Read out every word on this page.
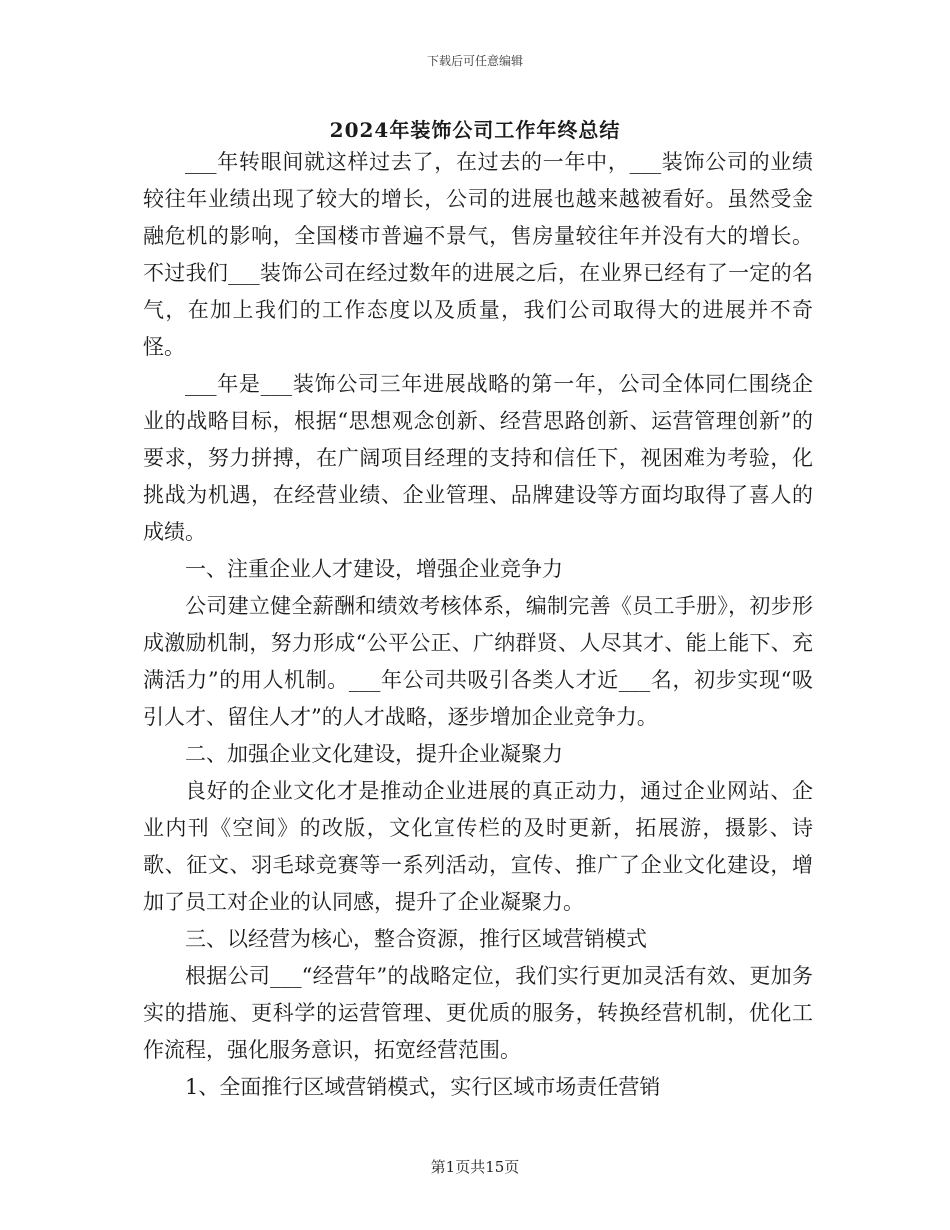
下载后可任意编辑
2024年装饰公司工作年终总结

___年转眼间就这样过去了，在过去的一年中，___装饰公司的业绩较往年业绩出现了较大的增长，公司的进展也越来越被看好。虽然受金融危机的影响，全国楼市普遍不景气，售房量较往年并没有大的增长。不过我们___装饰公司在经过数年的进展之后，在业界已经有了一定的名气，在加上我们的工作态度以及质量，我们公司取得大的进展并不奇怪。

___年是___装饰公司三年进展战略的第一年，公司全体同仁围绕企业的战略目标，根据“思想观念创新、经营思路创新、运营管理创新”的要求，努力拼搏，在广阔项目经理的支持和信任下，视困难为考验，化挑战为机遇，在经营业绩、企业管理、品牌建设等方面均取得了喜人的成绩。

一、注重企业人才建设，增强企业竞争力

公司建立健全薪酬和绩效考核体系，编制完善《员工手册》，初步形成激励机制，努力形成“公平公正、广纳群贤、人尽其才、能上能下、充满活力”的用人机制。___年公司共吸引各类人才近___名，初步实现“吸引人才、留住人才”的人才战略，逐步增加企业竞争力。

二、加强企业文化建设，提升企业凝聚力

良好的企业文化才是推动企业进展的真正动力，通过企业网站、企业内刊《空间》的改版，文化宣传栏的及时更新，拓展游，摄影、诗歌、征文、羽毛球竞赛等一系列活动，宣传、推广了企业文化建设，增加了员工对企业的认同感，提升了企业凝聚力。

三、以经营为核心，整合资源，推行区域营销模式

根据公司___“经营年”的战略定位，我们实行更加灵活有效、更加务实的措施、更科学的运营管理、更优质的服务，转换经营机制，优化工作流程，强化服务意识，拓宽经营范围。

1、全面推行区域营销模式，实行区域市场责任营销

第1页共15页
